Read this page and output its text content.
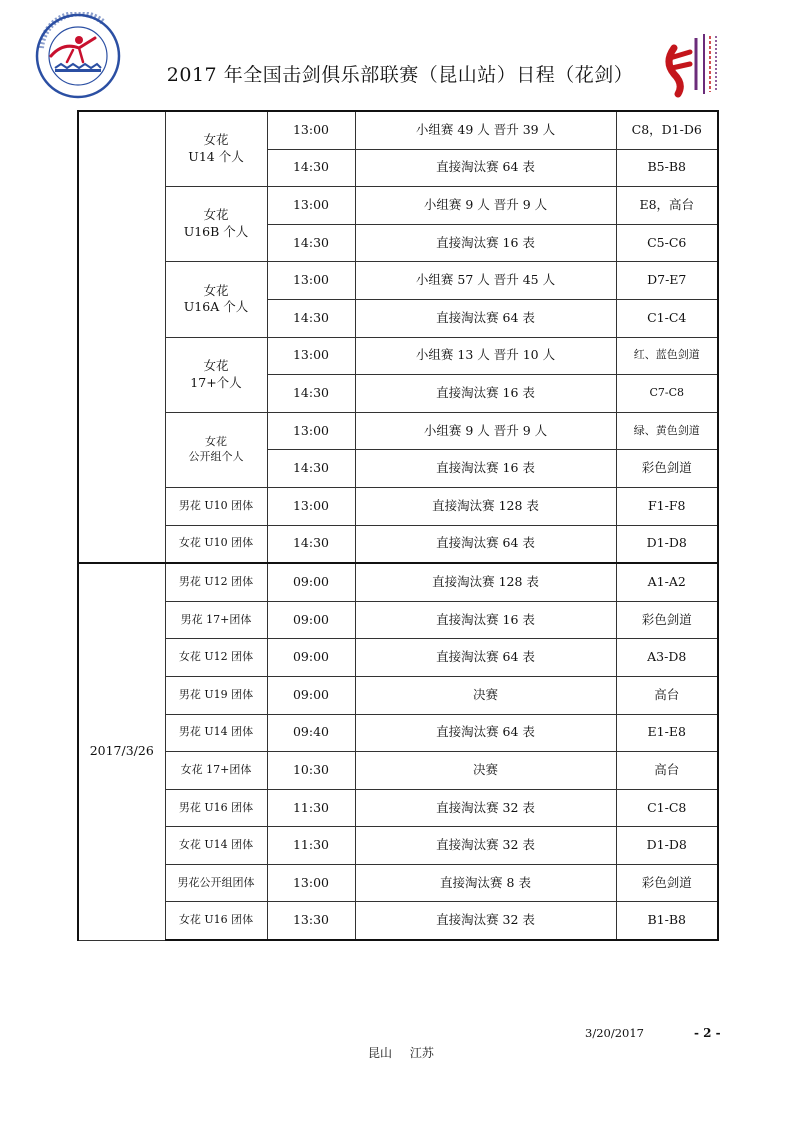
2017 年全国击剑俱乐部联赛（昆山站）日程（花剑）
	女花
U14 个人	13:00	小组赛 49 人 晋升 39 人	C8，D1-D6
		14:30	直接淘汰赛 64 表	B5-B8
	女花
U16B 个人	13:00	小组赛 9 人 晋升 9 人	E8，高台
		14:30	直接淘汰赛 16 表	C5-C6
	女花
U16A 个人	13:00	小组赛 57 人 晋升 45 人	D7-E7
		14:30	直接淘汰赛 64 表	C1-C4
	女花
17+个人	13:00	小组赛 13 人 晋升 10 人	红、蓝色剑道
		14:30	直接淘汰赛 16 表	C7-C8
	女花
公开组个人	13:00	小组赛 9 人 晋升 9 人	绿、黄色剑道
		14:30	直接淘汰赛 16 表	彩色剑道
	男花 U10 团体	13:00	直接淘汰赛 128 表	F1-F8
	女花 U10 团体	14:30	直接淘汰赛 64 表	D1-D8
2017/3/26	男花 U12 团体	09:00	直接淘汰赛 128 表	A1-A2
	男花 17+团体	09:00	直接淘汰赛 16 表	彩色剑道
	女花 U12 团体	09:00	直接淘汰赛 64 表	A3-D8
	男花 U19 团体	09:00	决赛	高台
	男花 U14 团体	09:40	直接淘汰赛 64 表	E1-E8
	女花 17+团体	10:30	决赛	高台
	男花 U16 团体	11:30	直接淘汰赛 32 表	C1-C8
	女花 U14 团体	11:30	直接淘汰赛 32 表	D1-D8
	男花公开组团体	13:00	直接淘汰赛 8 表	彩色剑道
	女花 U16 团体	13:30	直接淘汰赛 32 表	B1-B8
3/20/2017	- 2 -
昆山 江苏
